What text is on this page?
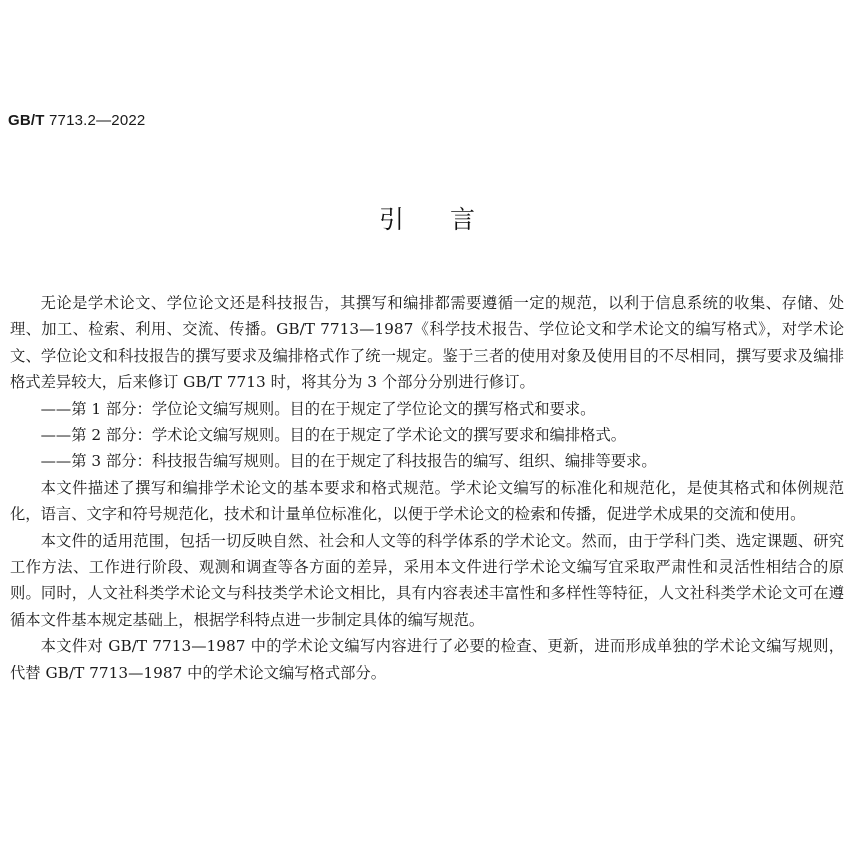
GB/T 7713.2—2022
引言

无论是学术论文、学位论文还是科技报告，其撰写和编排都需要遵循一定的规范，以利于信息系统的收集、存储、处理、加工、检索、利用、交流、传播。GB/T 7713—1987《科学技术报告、学位论文和学术论文的编写格式》，对学术论文、学位论文和科技报告的撰写要求及编排格式作了统一规定。鉴于三者的使用对象及使用目的不尽相同，撰写要求及编排格式差异较大，后来修订 GB/T 7713 时，将其分为 3 个部分分别进行修订。

——第 1 部分：学位论文编写规则。目的在于规定了学位论文的撰写格式和要求。

——第 2 部分：学术论文编写规则。目的在于规定了学术论文的撰写要求和编排格式。

——第 3 部分：科技报告编写规则。目的在于规定了科技报告的编写、组织、编排等要求。

本文件描述了撰写和编排学术论文的基本要求和格式规范。学术论文编写的标准化和规范化，是使其格式和体例规范化，语言、文字和符号规范化，技术和计量单位标准化，以便于学术论文的检索和传播，促进学术成果的交流和使用。

本文件的适用范围，包括一切反映自然、社会和人文等的科学体系的学术论文。然而，由于学科门类、选定课题、研究工作方法、工作进行阶段、观测和调查等各方面的差异，采用本文件进行学术论文编写宜采取严肃性和灵活性相结合的原则。同时，人文社科类学术论文与科技类学术论文相比，具有内容表述丰富性和多样性等特征，人文社科类学术论文可在遵循本文件基本规定基础上，根据学科特点进一步制定具体的编写规范。

本文件对 GB/T 7713—1987 中的学术论文编写内容进行了必要的检查、更新，进而形成单独的学术论文编写规则，代替 GB/T 7713—1987 中的学术论文编写格式部分。
